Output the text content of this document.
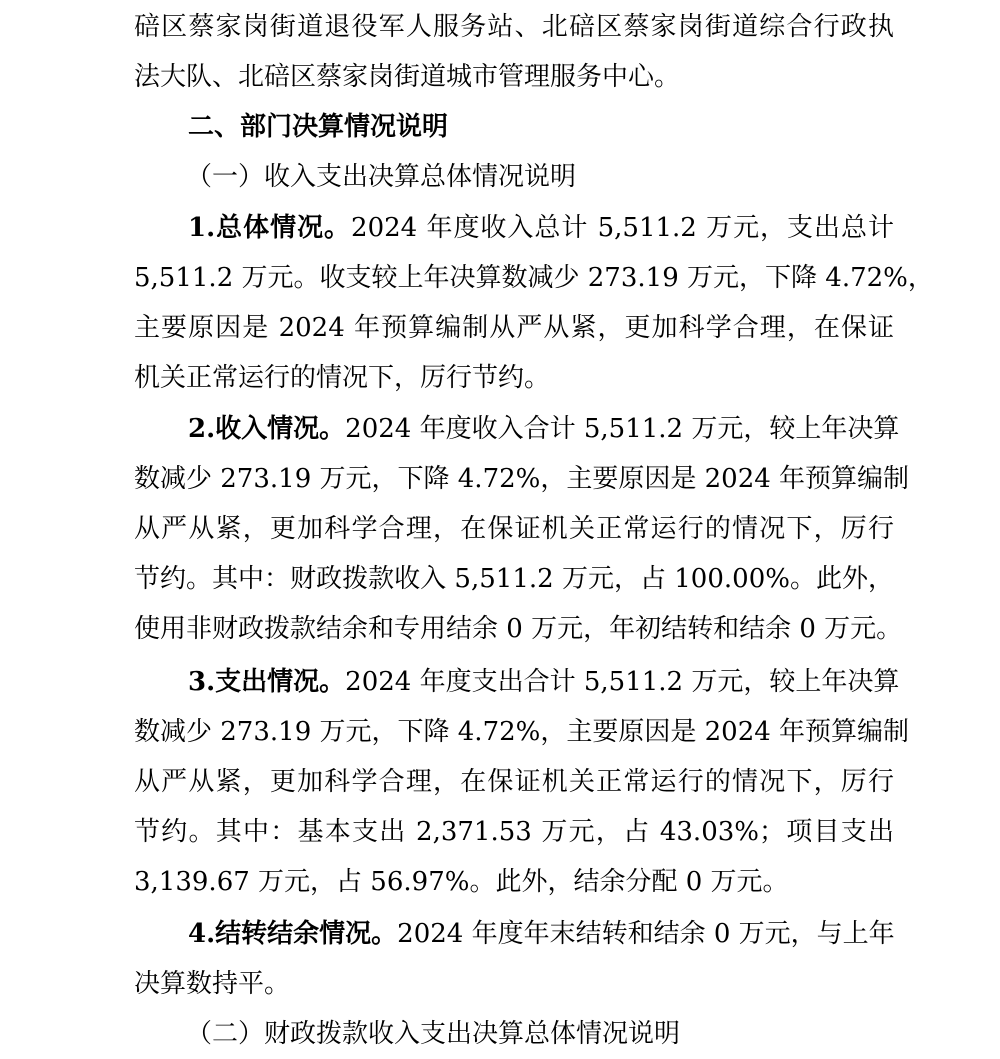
碚区蔡家岗街道退役军人服务站、北碚区蔡家岗街道综合行政执

法大队、北碚区蔡家岗街道城市管理服务中心。

二、部门决算情况说明

（一）收入支出决算总体情况说明

1.总体情况。2024 年度收入总计 5,511.2 万元，支出总计

5,511.2 万元。收支较上年决算数减少 273.19 万元，下降 4.72%，

主要原因是 2024 年预算编制从严从紧，更加科学合理，在保证

机关正常运行的情况下，厉行节约。

2.收入情况。2024 年度收入合计 5,511.2 万元，较上年决算

数减少 273.19 万元，下降 4.72%，主要原因是 2024 年预算编制

从严从紧，更加科学合理，在保证机关正常运行的情况下，厉行

节约。其中：财政拨款收入 5,511.2 万元，占 100.00%。此外，

使用非财政拨款结余和专用结余 0 万元，年初结转和结余 0 万元。

3.支出情况。2024 年度支出合计 5,511.2 万元，较上年决算

数减少 273.19 万元，下降 4.72%，主要原因是 2024 年预算编制

从严从紧，更加科学合理，在保证机关正常运行的情况下，厉行

节约。其中：基本支出 2,371.53 万元，占 43.03%；项目支出

3,139.67 万元，占 56.97%。此外，结余分配 0 万元。

4.结转结余情况。2024 年度年末结转和结余 0 万元，与上年

决算数持平。

（二）财政拨款收入支出决算总体情况说明
